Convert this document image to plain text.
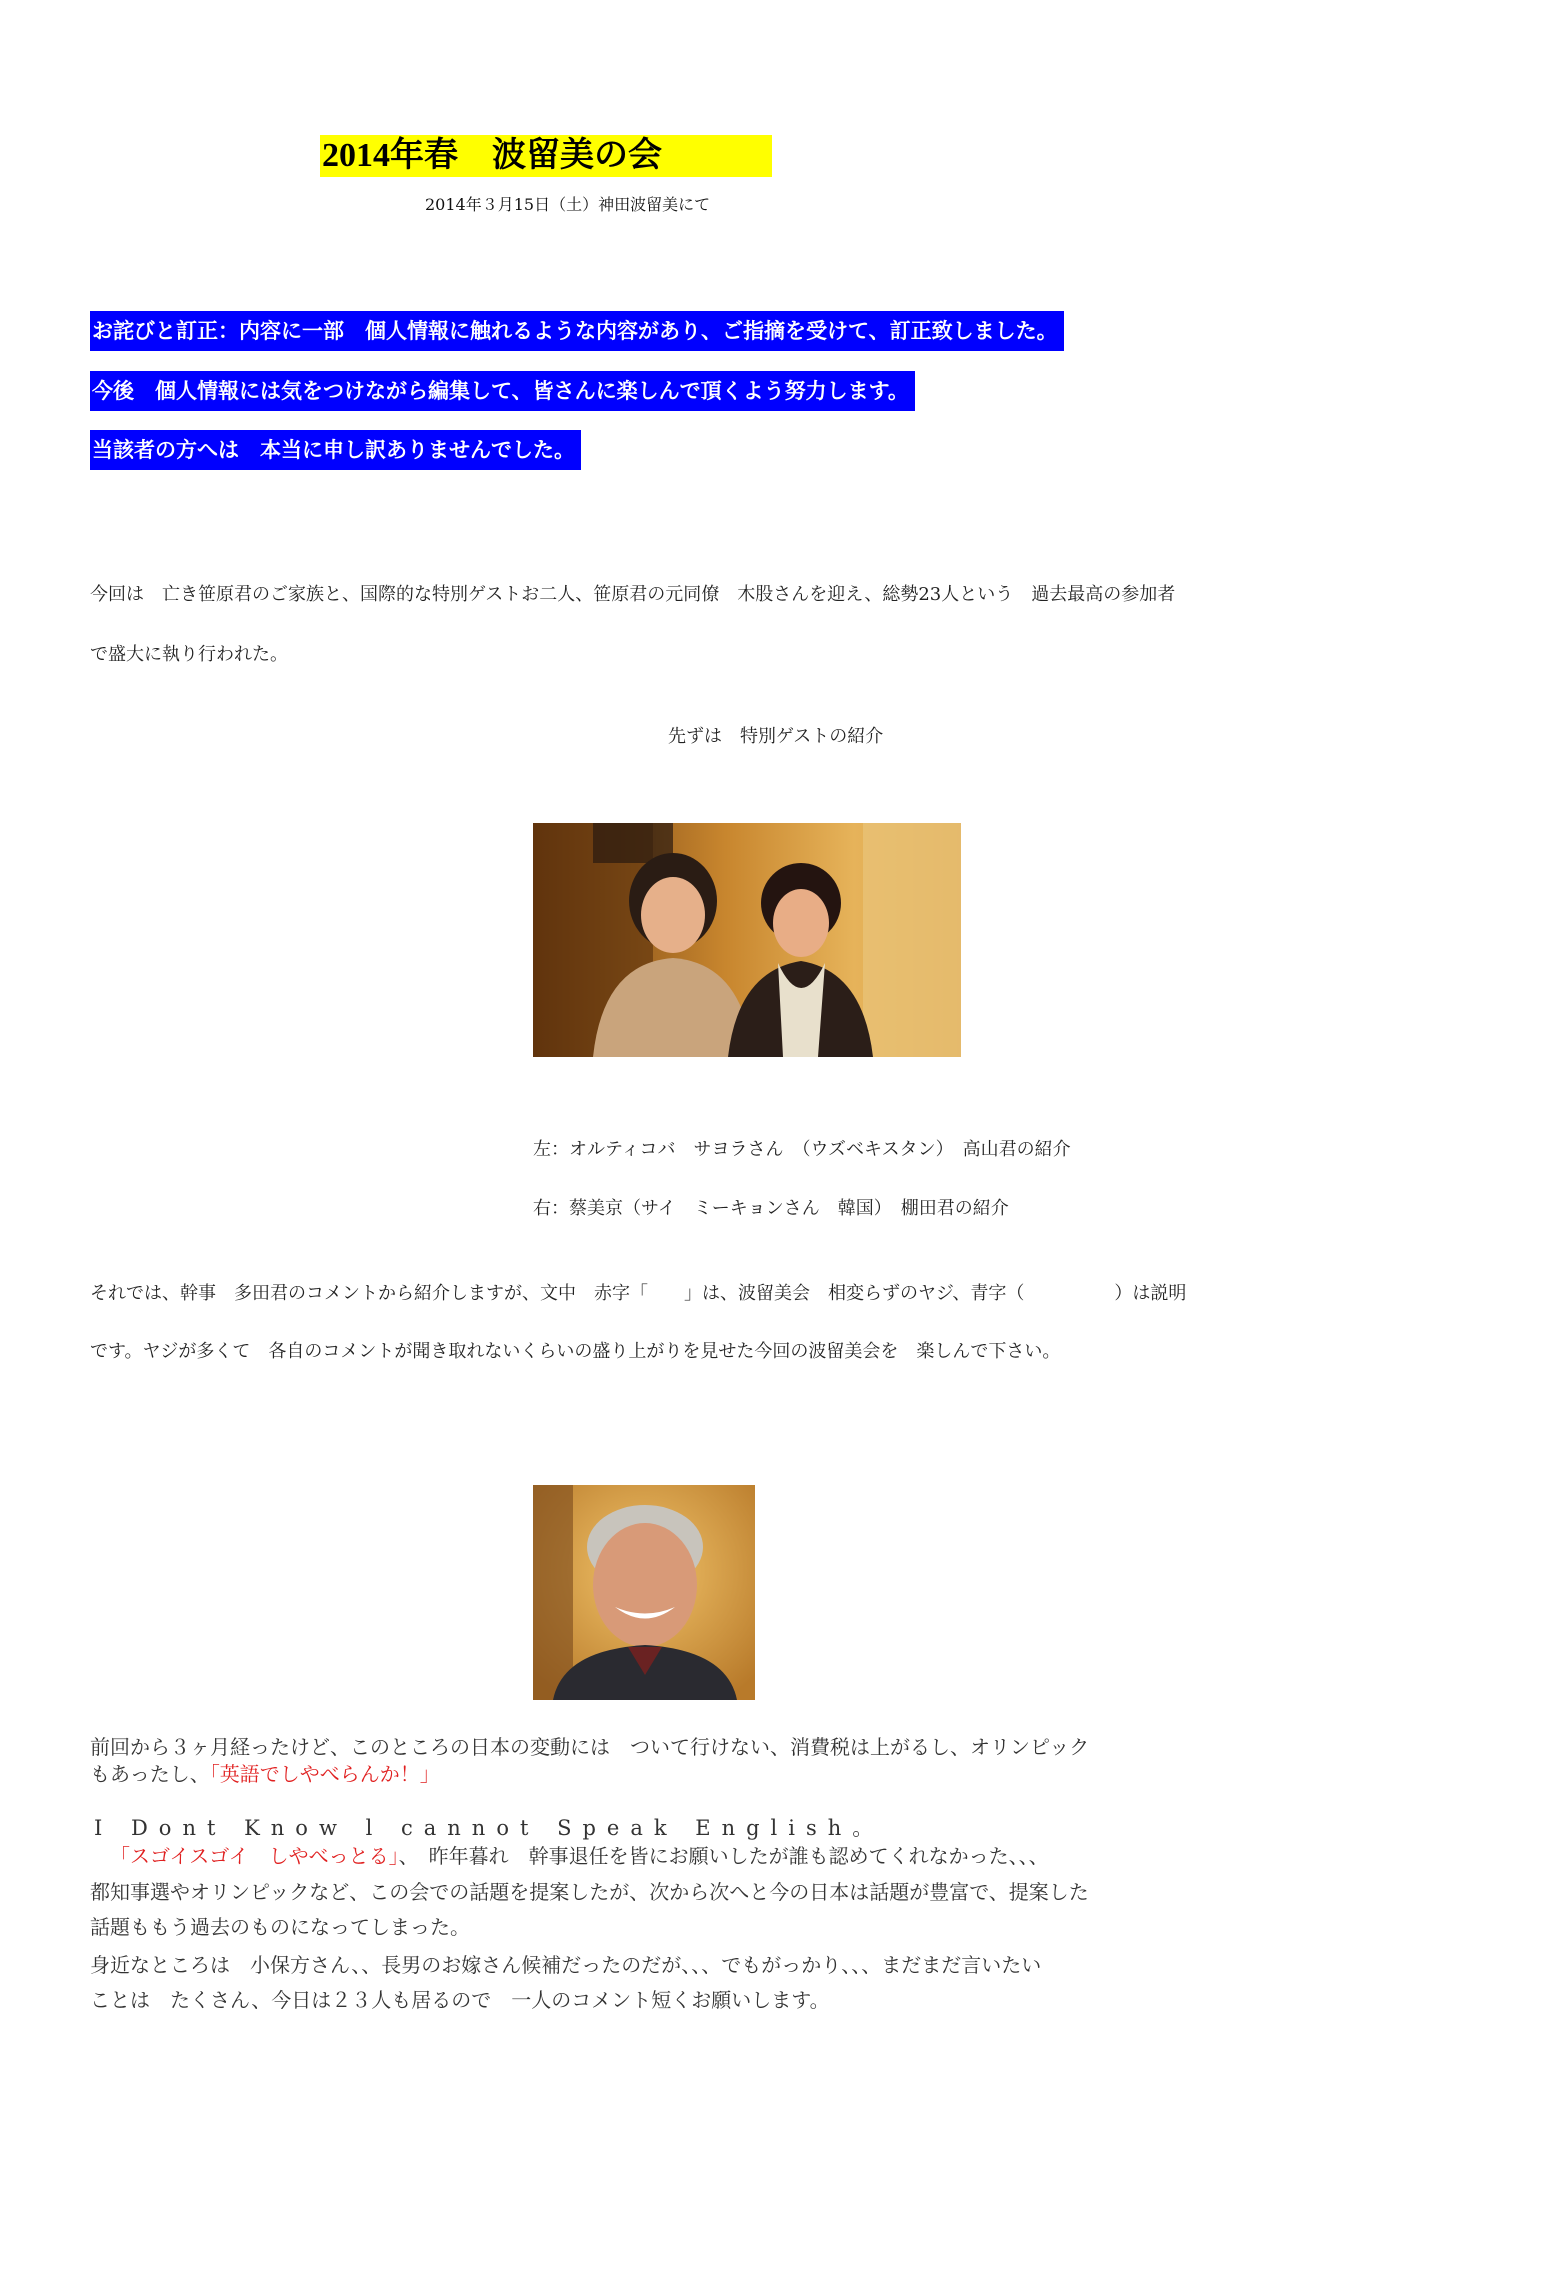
2014年春　波留美の会
2014年３月15日（土）神田波留美にて
お詫びと訂正：内容に一部　個人情報に触れるような内容があり、ご指摘を受けて、訂正致しました。
今後　個人情報には気をつけながら編集して、皆さんに楽しんで頂くよう努力します。
当該者の方へは　本当に申し訳ありませんでした。
今回は　亡き笹原君のご家族と、国際的な特別ゲストお二人、笹原君の元同僚　木股さんを迎え、総勢23人という　過去最高の参加者
で盛大に執り行われた。
先ずは　特別ゲストの紹介
左：オルティコバ　サヨラさん　（ウズベキスタン）　高山君の紹介
右：蔡美京（サイ　ミーキョンさん　韓国）　棚田君の紹介
それでは、幹事　多田君のコメントから紹介しますが、文中　赤字「　　」は、波留美会　相変らずのヤジ、青字（　　　　　）は説明
です。ヤジが多くて　各自のコメントが聞き取れないくらいの盛り上がりを見せた今回の波留美会を　楽しんで下さい。
前回から３ヶ月経ったけど、このところの日本の変動には　ついて行けない、消費税は上がるし、オリンピック
もあったし、「英語でしやべらんか！」
I Dont Know l cannot Speak English。
「スゴイスゴイ　しやべっとる」、　昨年暮れ　幹事退任を皆にお願いしたが誰も認めてくれなかった、、、
都知事選やオリンピックなど、この会での話題を提案したが、次から次へと今の日本は話題が豊富で、提案した
話題ももう過去のものになってしまった。
身近なところは　小保方さん、、長男のお嫁さん候補だったのだが、、、でもがっかり、、、まだまだ言いたい
ことは　たくさん、今日は２３人も居るので　一人のコメント短くお願いします。
